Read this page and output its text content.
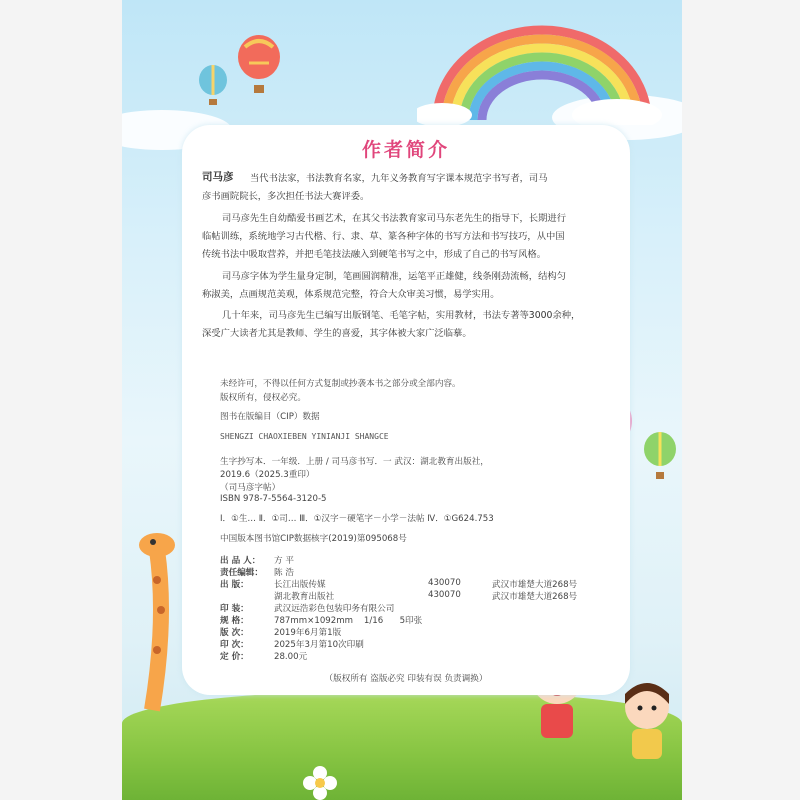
作者简介
司马彦 当代书法家，书法教育名家，九年义务教育写字课本规范字书写者，司马
彦书画院院长，多次担任书法大赛评委。
司马彦先生自幼酷爱书画艺术，在其父书法教育家司马东老先生的指导下，长期进行
临帖训练，系统地学习古代楷、行、隶、草、篆各种字体的书写方法和书写技巧，从中国
传统书法中吸取营养，并把毛笔技法融入到硬笔书写之中，形成了自己的书写风格。
司马彦字体为学生量身定制，笔画圆润精准，运笔平正雄健，线条刚劲流畅，结构匀
称淑美，点画规范美观，体系规范完整，符合大众审美习惯，易学实用。
几十年来，司马彦先生已编写出版钢笔、毛笔字帖，实用教材，书法专著等3000余种，
深受广大读者尤其是教师、学生的喜爱，其字体被大家广泛临摹。
未经许可，不得以任何方式复制或抄袭本书之部分或全部内容。
版权所有，侵权必究。
图书在版编目（CIP）数据
SHENGZI CHAOXIEBEN YINIANJI SHANGCE
生字抄写本．一年级．上册 / 司马彦书写．一 武汉：湖北教育出版社，
2019.6（2025.3重印）
（司马彦字帖）
ISBN 978-7-5564-3120-5
Ⅰ．①生… Ⅱ．①司… Ⅲ．①汉字－硬笔字－小学－法帖 Ⅳ．①G624.753
中国版本图书馆CIP数据核字(2019)第095068号
出 品 人： 方 平
责任编辑： 陈 浩
出 版：	长江出版传媒	430070	武汉市雄楚大道268号
湖北教育出版社	430070	武汉市雄楚大道268号
印 装：	武汉远浩彩色包装印务有限公司
规 格：	787mm×1092mm    1/16      5印张
版 次：	2019年6月第1版
印 次：	2025年3月第10次印刷
定 价：	28.00元
（版权所有 盗版必究 印装有误 负责调换）
